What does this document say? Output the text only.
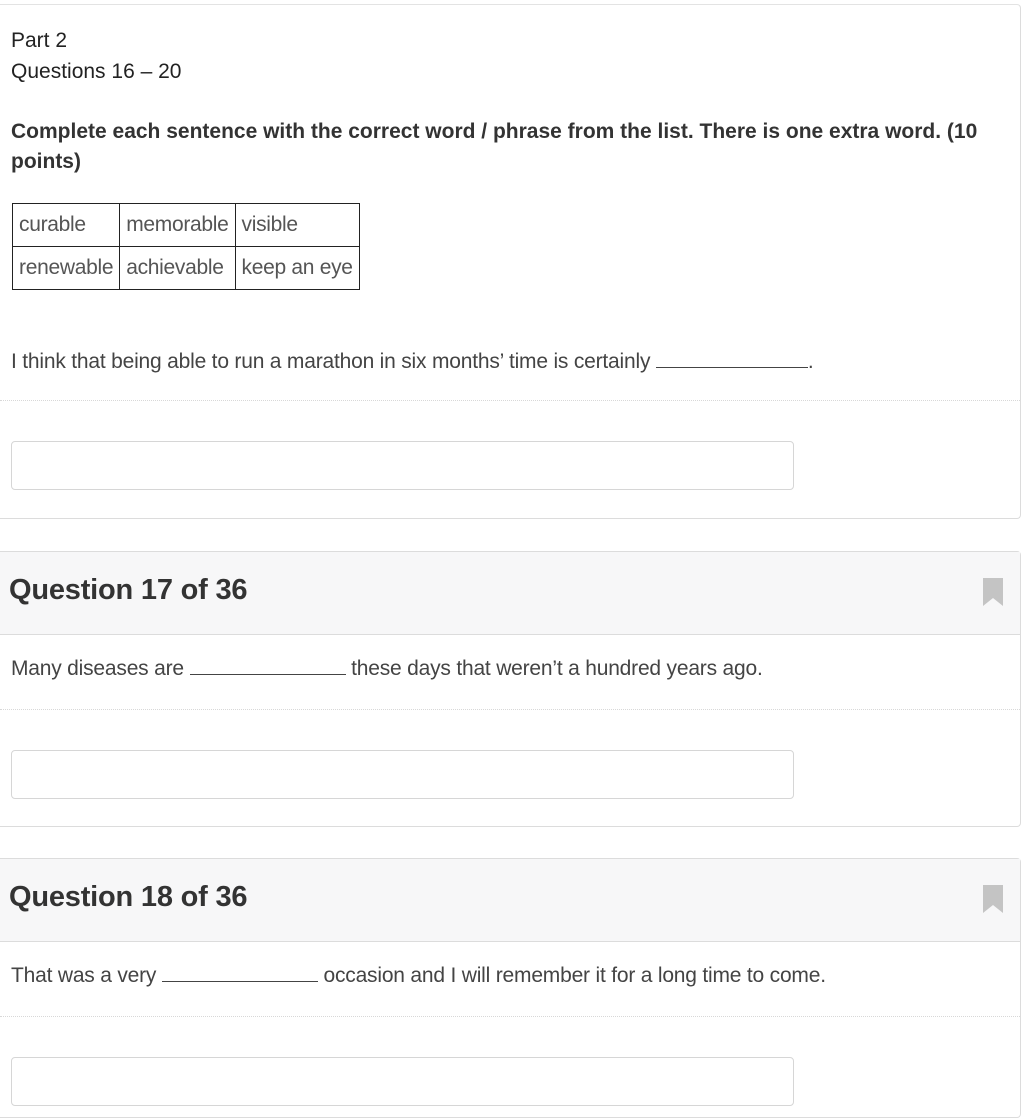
Part 2
Questions 16 – 20
Complete each sentence with the correct word / phrase from the list. There is one extra word. (10 points)
curable	memorable	visible
renewable	achievable	keep an eye
I think that being able to run a marathon in six months’ time is certainly	.
Question 17 of 36
Many diseases are	these days that weren’t a hundred years ago.
Question 18 of 36
That was a very	occasion and I will remember it for a long time to come.
